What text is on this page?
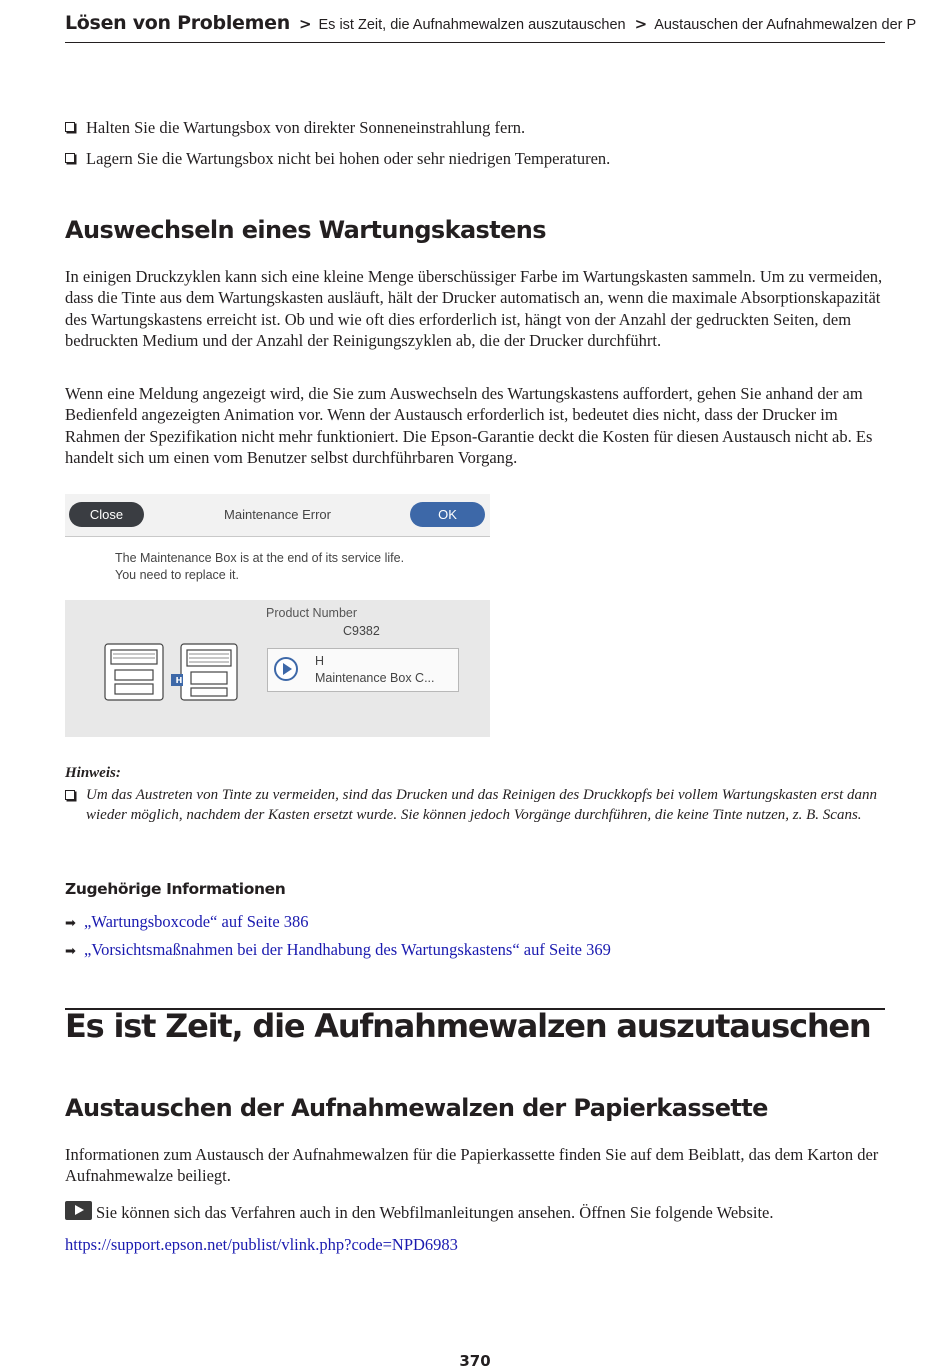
Lösen von Problemen > Es ist Zeit, die Aufnahmewalzen auszutauschen > Austauschen der Aufnahmewalzen der P
Halten Sie die Wartungsbox von direkter Sonneneinstrahlung fern.
Lagern Sie die Wartungsbox nicht bei hohen oder sehr niedrigen Temperaturen.
Auswechseln eines Wartungskastens

In einigen Druckzyklen kann sich eine kleine Menge überschüssiger Farbe im Wartungskasten sammeln. Um zu vermeiden, dass die Tinte aus dem Wartungskasten ausläuft, hält der Drucker automatisch an, wenn die maximale Absorptionskapazität des Wartungskastens erreicht ist. Ob und wie oft dies erforderlich ist, hängt von der Anzahl der gedruckten Seiten, dem bedruckten Medium und der Anzahl der Reinigungszyklen ab, die der Drucker durchführt.

Wenn eine Meldung angezeigt wird, die Sie zum Auswechseln des Wartungskastens auffordert, gehen Sie anhand der am Bedienfeld angezeigten Animation vor. Wenn der Austausch erforderlich ist, bedeutet dies nicht, dass der Drucker im Rahmen der Spezifikation nicht mehr funktioniert. Die Epson-Garantie deckt die Kosten für diesen Austausch nicht ab. Es handelt sich um einen vom Benutzer selbst durchführbaren Vorgang.

Maintenance Error
Close	OK
The Maintenance Box is at the end of its service life.
You need to replace it.
H
Product Number
C9382
H
Maintenance Box C...
Hinweis:
Um das Austreten von Tinte zu vermeiden, sind das Drucken und das Reinigen des Druckkopfs bei vollem Wartungskasten erst dann wieder möglich, nachdem der Kasten ersetzt wurde. Sie können jedoch Vorgänge durchführen, die keine Tinte nutzen, z. B. Scans.
Zugehörige Informationen
➡ „Wartungsboxcode“ auf Seite 386
➡ „Vorsichtsmaßnahmen bei der Handhabung des Wartungskastens“ auf Seite 369
Es ist Zeit, die Aufnahmewalzen auszutauschen
Austauschen der Aufnahmewalzen der Papierkassette

Informationen zum Austausch der Aufnahmewalzen für die Papierkassette finden Sie auf dem Beiblatt, das dem Karton der Aufnahmewalze beiliegt.

Sie können sich das Verfahren auch in den Webfilmanleitungen ansehen. Öffnen Sie folgende Website.
https://support.epson.net/publist/vlink.php?code=NPD6983
370
